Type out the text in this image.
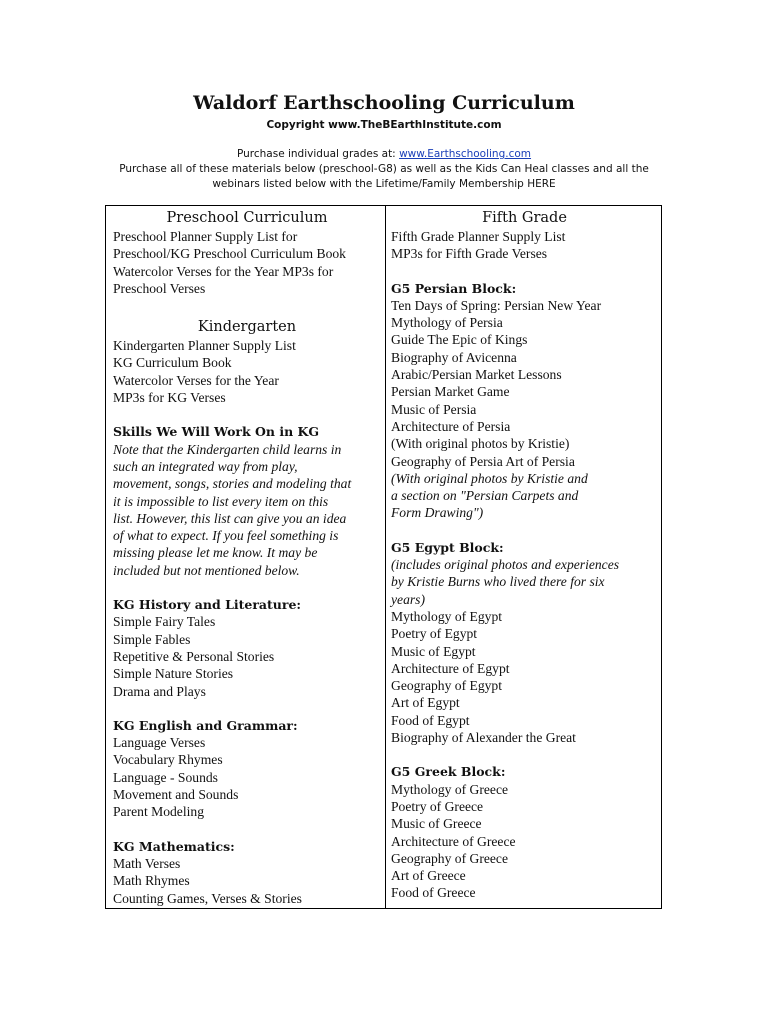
Waldorf Earthschooling Curriculum
Copyright www.TheBEarthInstitute.com
Purchase individual grades at: www.Earthschooling.com
Purchase all of these materials below (preschool-G8) as well as the Kids Can Heal classes and all the webinars listed below with the Lifetime/Family Membership HERE
Preschool Curriculum
Preschool Planner Supply List for
Preschool/KG Preschool Curriculum Book
Watercolor Verses for the Year MP3s for
Preschool Verses
Kindergarten
Kindergarten Planner Supply List
KG Curriculum Book
Watercolor Verses for the Year
MP3s for KG Verses
Skills We Will Work On in KG
Note that the Kindergarten child learns in
such an integrated way from play,
movement, songs, stories and modeling that
it is impossible to list every item on this
list. However, this list can give you an idea
of what to expect. If you feel something is
missing please let me know. It may be
included but not mentioned below.
KG History and Literature:
Simple Fairy Tales
Simple Fables
Repetitive & Personal Stories
Simple Nature Stories
Drama and Plays
KG English and Grammar:
Language Verses
Vocabulary Rhymes
Language - Sounds
Movement and Sounds
Parent Modeling
KG Mathematics:
Math Verses
Math Rhymes
Counting Games, Verses & Stories
Fifth Grade
Fifth Grade Planner Supply List
MP3s for Fifth Grade Verses
G5 Persian Block:
Ten Days of Spring: Persian New Year
Mythology of Persia
Guide The Epic of Kings
Biography of Avicenna
Arabic/Persian Market Lessons
Persian Market Game
Music of Persia
Architecture of Persia
(With original photos by Kristie)
Geography of Persia Art of Persia
(With original photos by Kristie and
a section on "Persian Carpets and
Form Drawing")
G5 Egypt Block:
(includes original photos and experiences
by Kristie Burns who lived there for six
years)
Mythology of Egypt
Poetry of Egypt
Music of Egypt
Architecture of Egypt
Geography of Egypt
Art of Egypt
Food of Egypt
Biography of Alexander the Great
G5 Greek Block:
Mythology of Greece
Poetry of Greece
Music of Greece
Architecture of Greece
Geography of Greece
Art of Greece
Food of Greece
